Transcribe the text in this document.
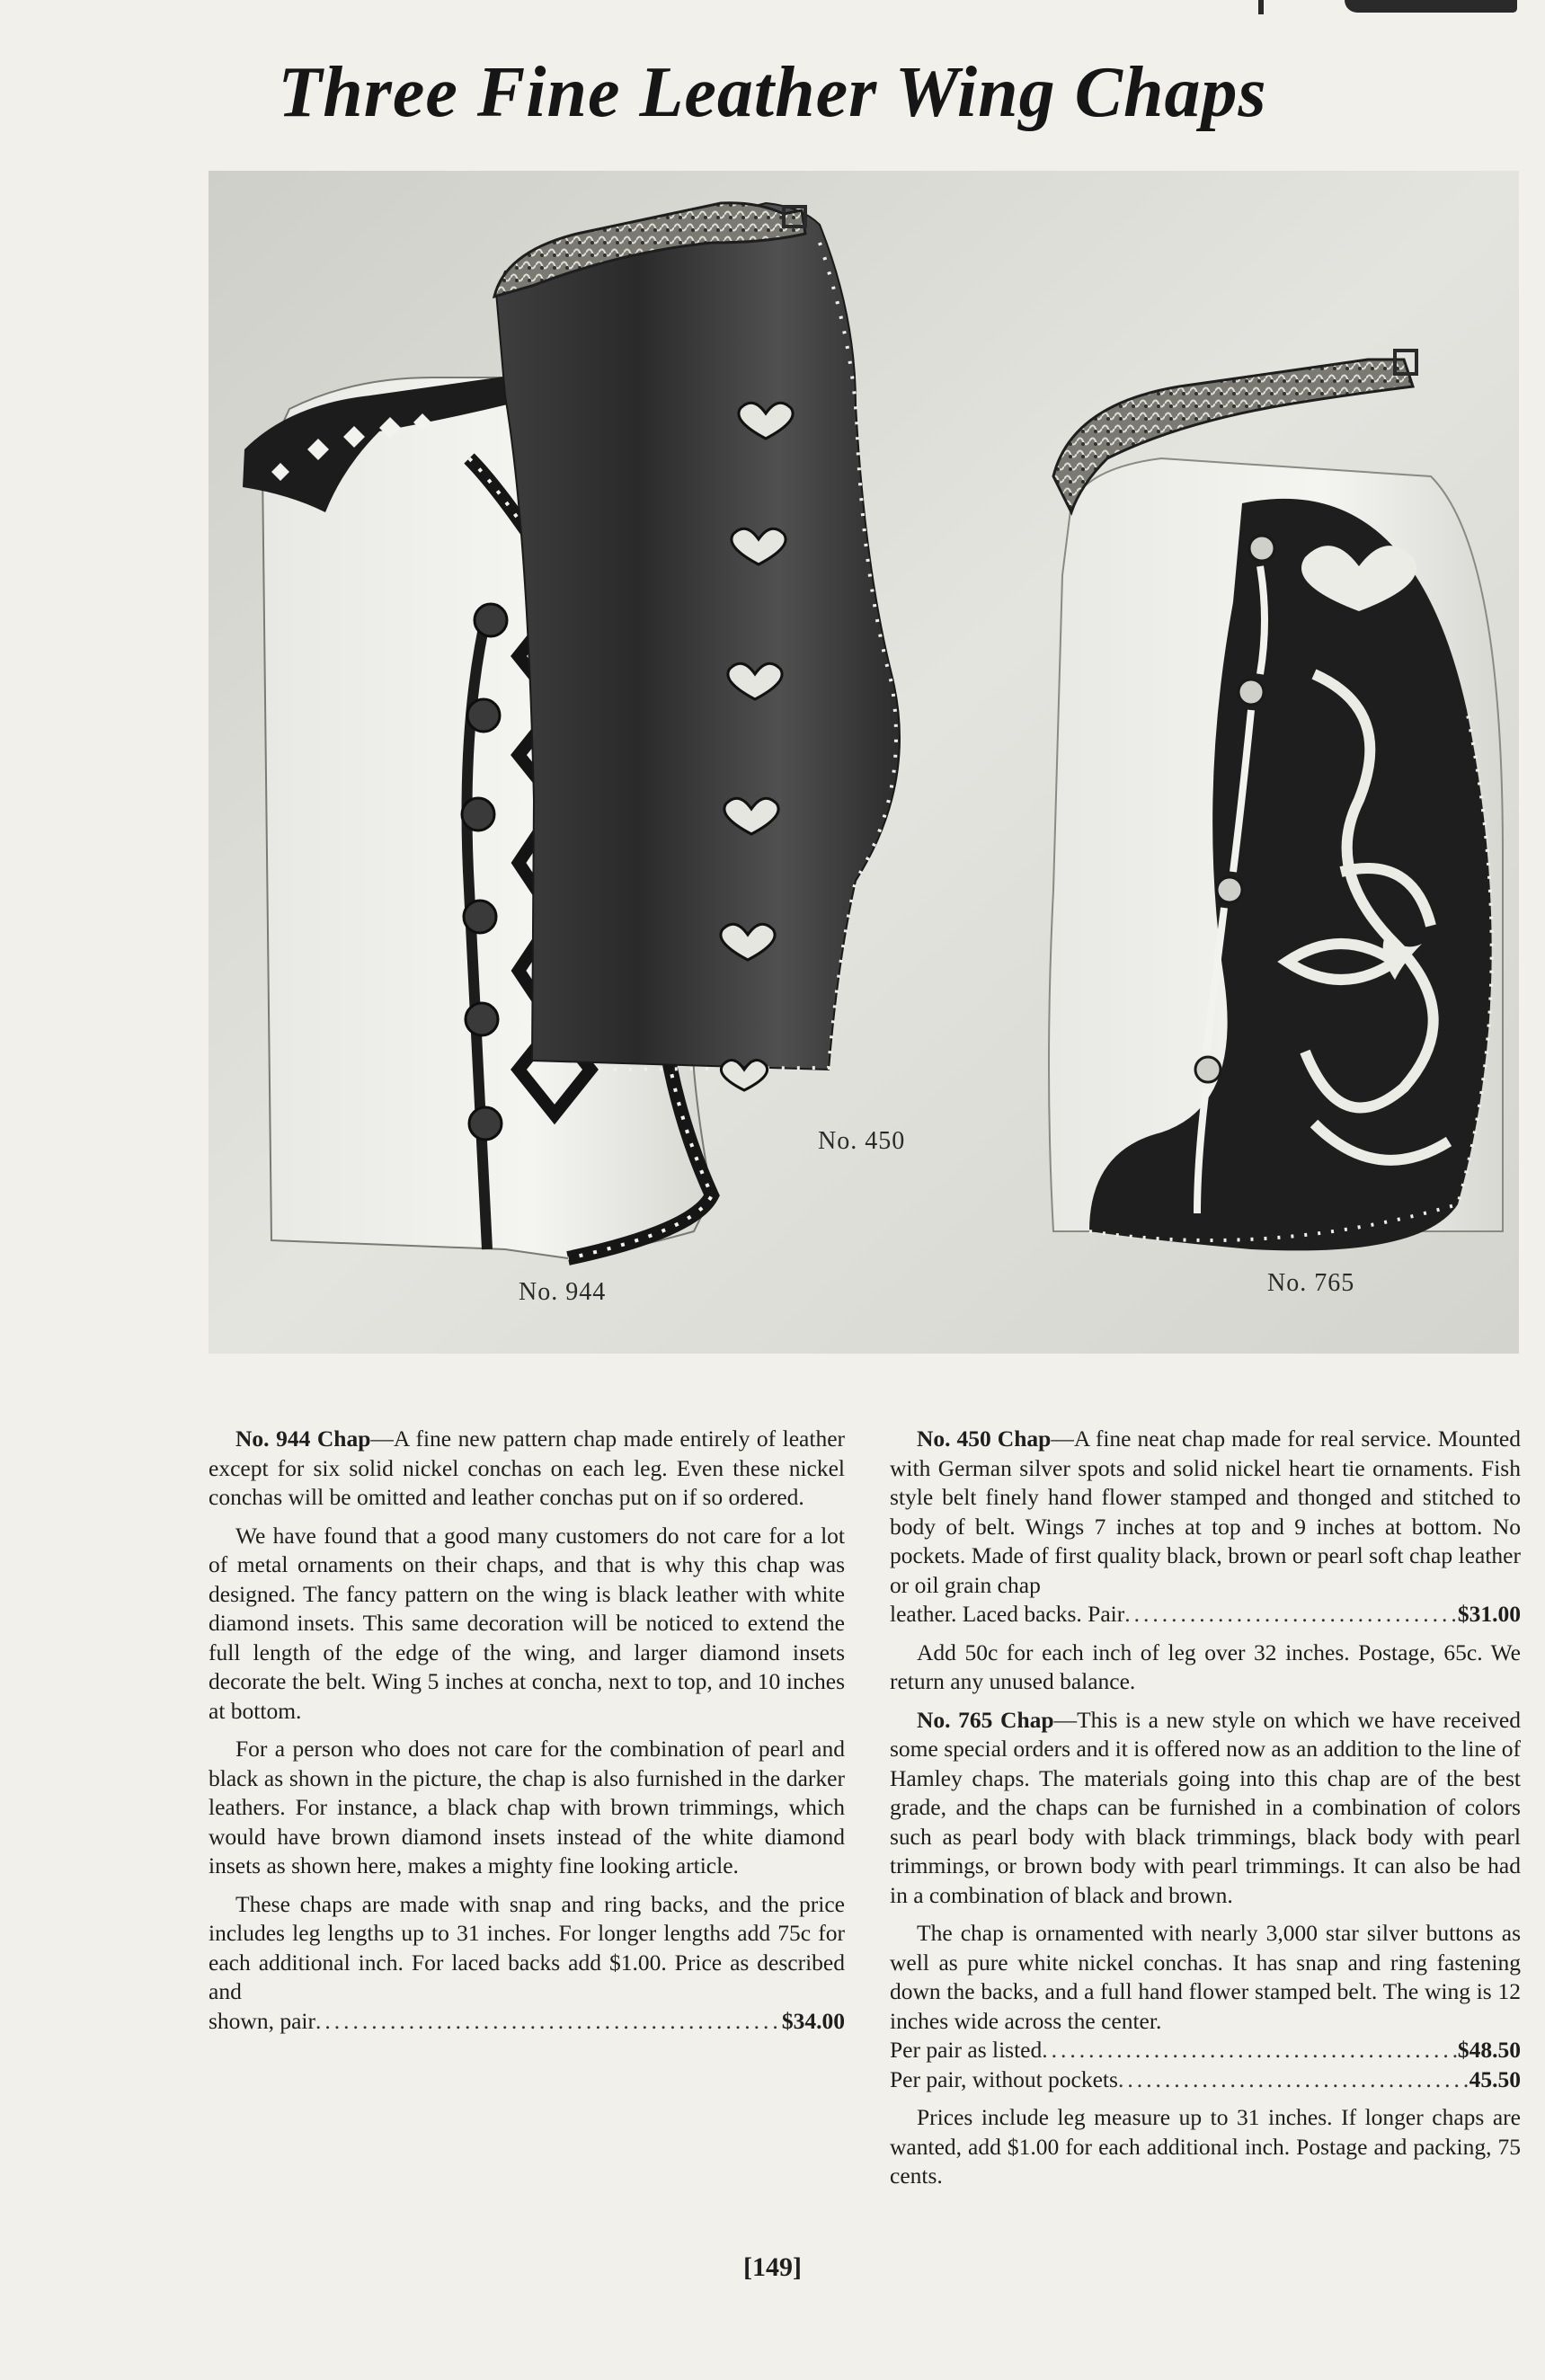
Three Fine Leather Wing Chaps
No. 944
No. 450
No. 765

No. 944 Chap—A fine new pattern chap made entirely of leather except for six solid nickel conchas on each leg. Even these nickel conchas will be omitted and leather conchas put on if so ordered.

We have found that a good many customers do not care for a lot of metal ornaments on their chaps, and that is why this chap was designed. The fancy pattern on the wing is black leather with white diamond insets. This same decoration will be noticed to extend the full length of the edge of the wing, and larger diamond insets decorate the belt. Wing 5 inches at concha, next to top, and 10 inches at bottom.

For a person who does not care for the combination of pearl and black as shown in the picture, the chap is also furnished in the darker leathers. For instance, a black chap with brown trimmings, which would have brown diamond insets instead of the white diamond insets as shown here, makes a mighty fine looking article.

These chaps are made with snap and ring backs, and the price includes leg lengths up to 31 inches. For longer lengths add 75c for each additional inch. For laced backs add $1.00. Price as described and

shown, pair .....	$34.00

No. 450 Chap—A fine neat chap made for real service. Mounted with German silver spots and solid nickel heart tie ornaments. Fish style belt finely hand flower stamped and thonged and stitched to body of belt. Wings 7 inches at top and 9 inches at bottom. No pockets. Made of first quality black, brown or pearl soft chap leather or oil grain chap

leather. Laced backs. Pair .....	$31.00

Add 50c for each inch of leg over 32 inches. Postage, 65c. We return any unused balance.

No. 765 Chap—This is a new style on which we have received some special orders and it is offered now as an addition to the line of Hamley chaps. The materials going into this chap are of the best grade, and the chaps can be furnished in a combination of colors such as pearl body with black trimmings, black body with pearl trimmings, or brown body with pearl trimmings. It can also be had in a combination of black and brown.

The chap is ornamented with nearly 3,000 star silver buttons as well as pure white nickel conchas. It has snap and ring fastening down the backs, and a full hand flower stamped belt. The wing is 12 inches wide across the center.

Per pair as listed .....	$48.50
Per pair, without pockets .....	45.50

Prices include leg measure up to 31 inches. If longer chaps are wanted, add $1.00 for each additional inch. Postage and packing, 75 cents.

[149]
